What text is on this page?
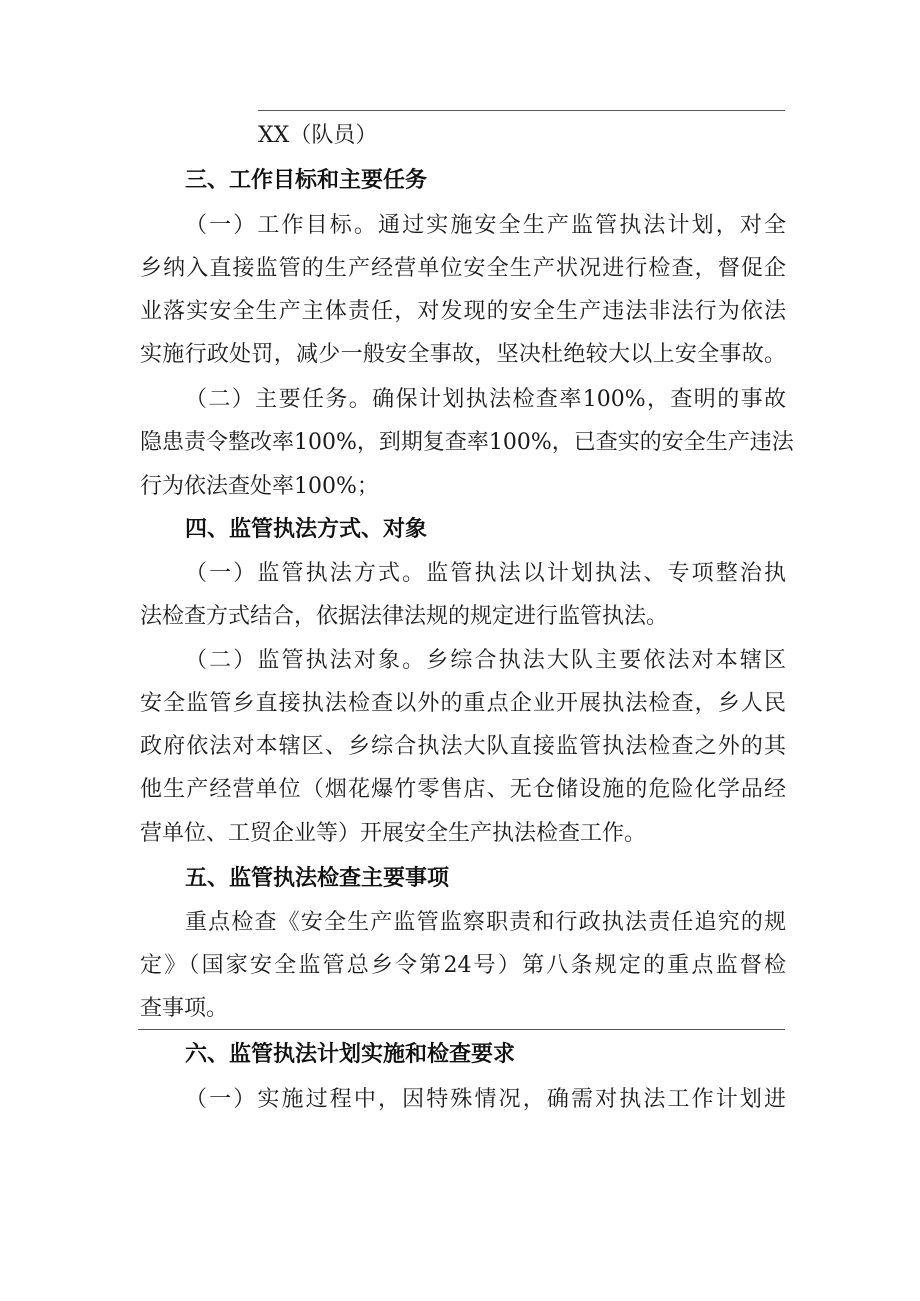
XX（队员）
三、工作目标和主要任务
（一）工作目标。通过实施安全生产监管执法计划，对全
乡纳入直接监管的生产经营单位安全生产状况进行检查，督促企
业落实安全生产主体责任，对发现的安全生产违法非法行为依法
实施行政处罚，减少一般安全事故，坚决杜绝较大以上安全事故。
（二）主要任务。确保计划执法检查率100%，查明的事故
隐患责令整改率100%，到期复查率100%，已查实的安全生产违法
行为依法查处率100%；
四、监管执法方式、对象
（一）监管执法方式。监管执法以计划执法、专项整治执
法检查方式结合，依据法律法规的规定进行监管执法。
（二）监管执法对象。乡综合执法大队主要依法对本辖区
安全监管乡直接执法检查以外的重点企业开展执法检查，乡人民
政府依法对本辖区、乡综合执法大队直接监管执法检查之外的其
他生产经营单位（烟花爆竹零售店、无仓储设施的危险化学品经
营单位、工贸企业等）开展安全生产执法检查工作。
五、监管执法检查主要事项
重点检查《安全生产监管监察职责和行政执法责任追究的规
定》（国家安全监管总乡令第24号）第八条规定的重点监督检
查事项。
六、监管执法计划实施和检查要求
（一）实施过程中，因特殊情况，确需对执法工作计划进
